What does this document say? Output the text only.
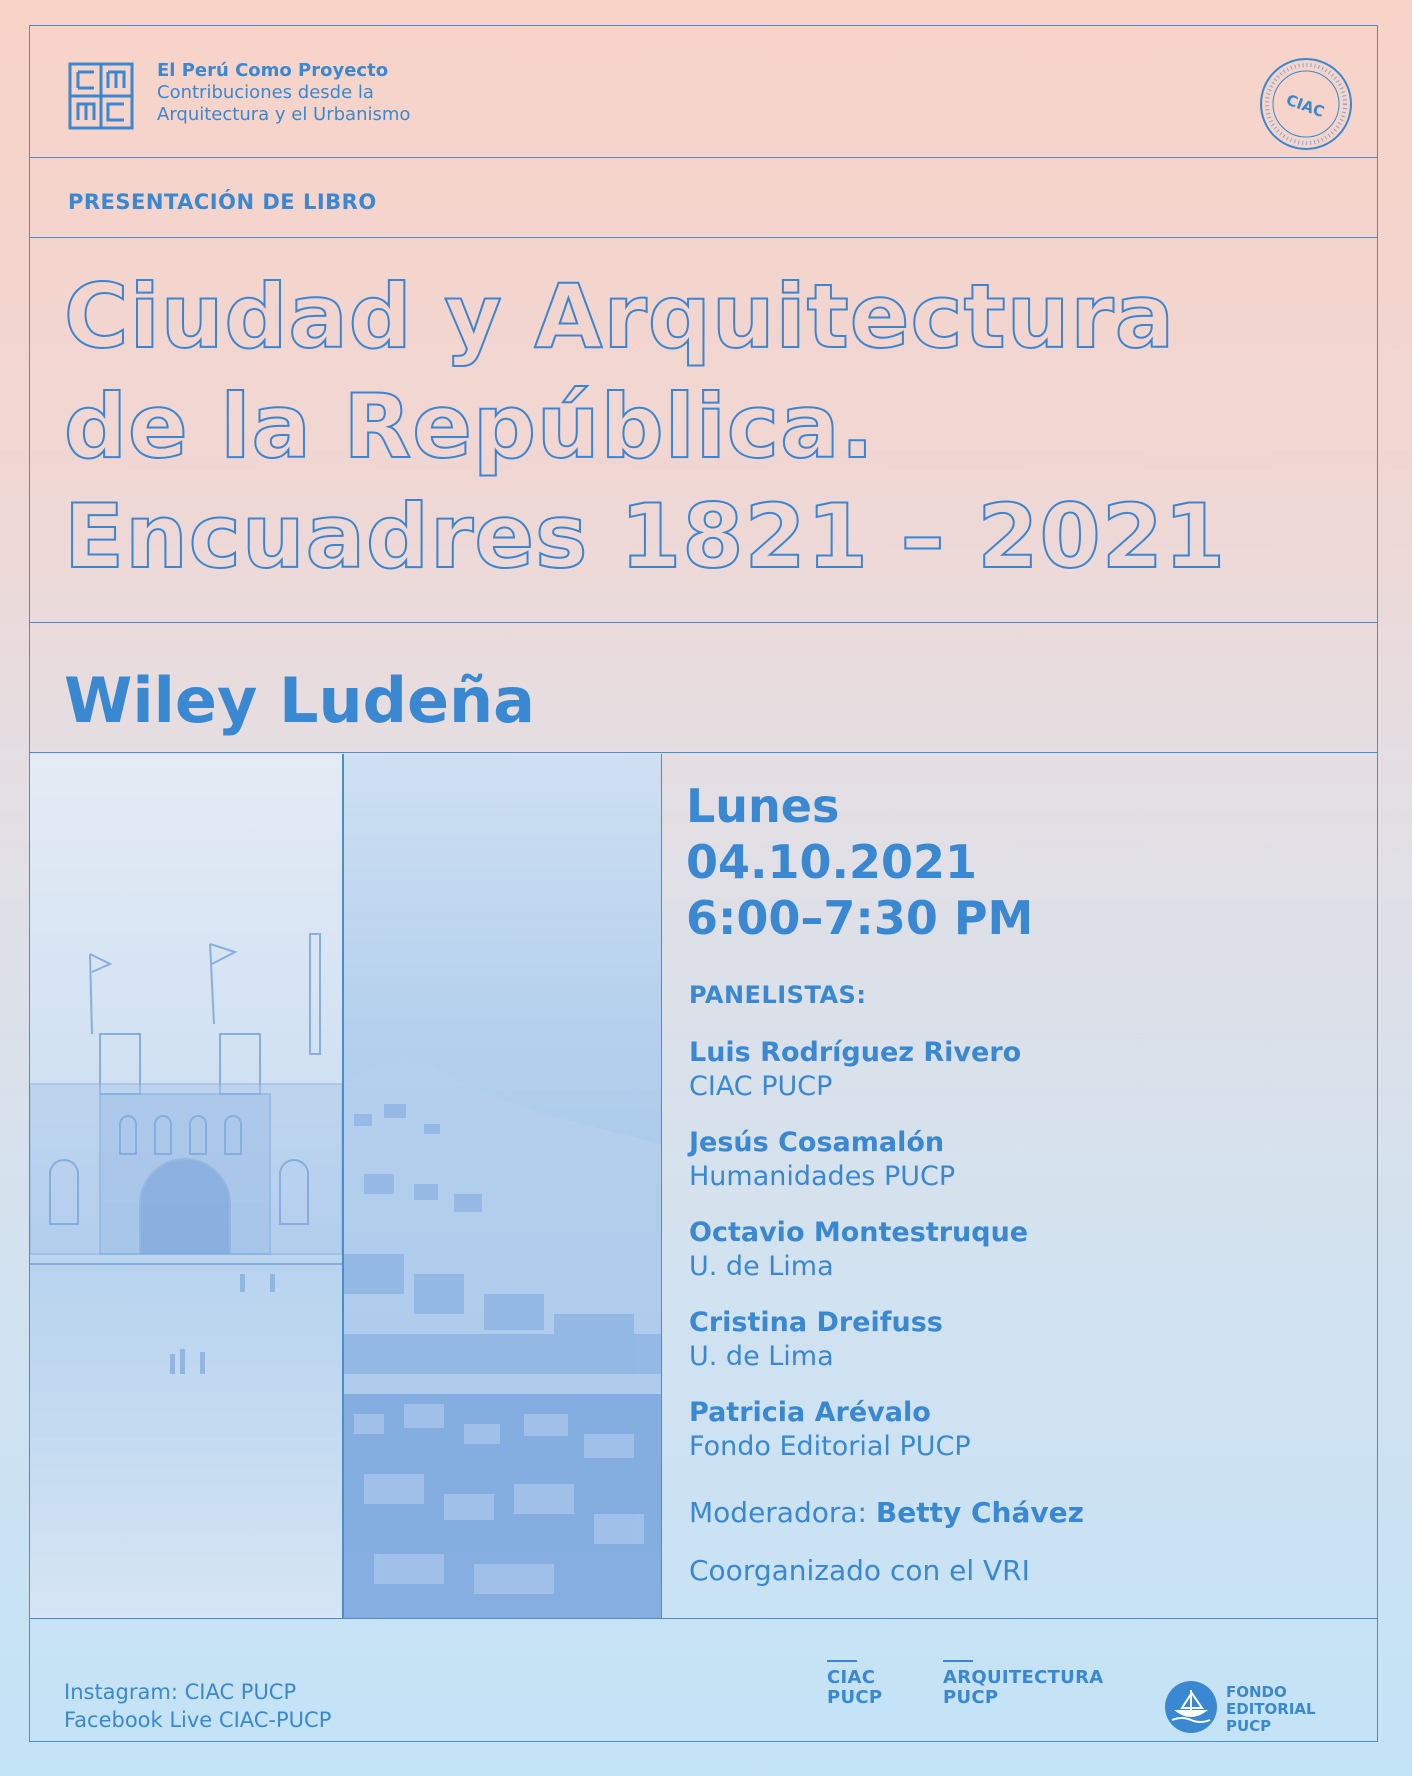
El Perú Como Proyecto
Contribuciones desde la
Arquitectura y el Urbanismo	CIAC
PRESENTACIÓN DE LIBRO
Ciudad y Arquitectura
de la República.
Encuadres 1821 – 2021
Wiley Ludeña
Instagram: CIAC PUCP
Facebook Live CIAC-PUCP
CIAC
PUCP
ARQUITECTURA
PUCP	FONDO
EDITORIAL
PUCP
Lunes
04.10.2021
6:00–7:30 PM
PANELISTAS:
Luis Rodríguez Rivero
CIAC PUCP
Jesús Cosamalón
Humanidades PUCP
Octavio Montestruque
U. de Lima
Cristina Dreifuss
U. de Lima
Patricia Arévalo
Fondo Editorial PUCP
Moderadora: Betty Chávez
Coorganizado con el VRI
